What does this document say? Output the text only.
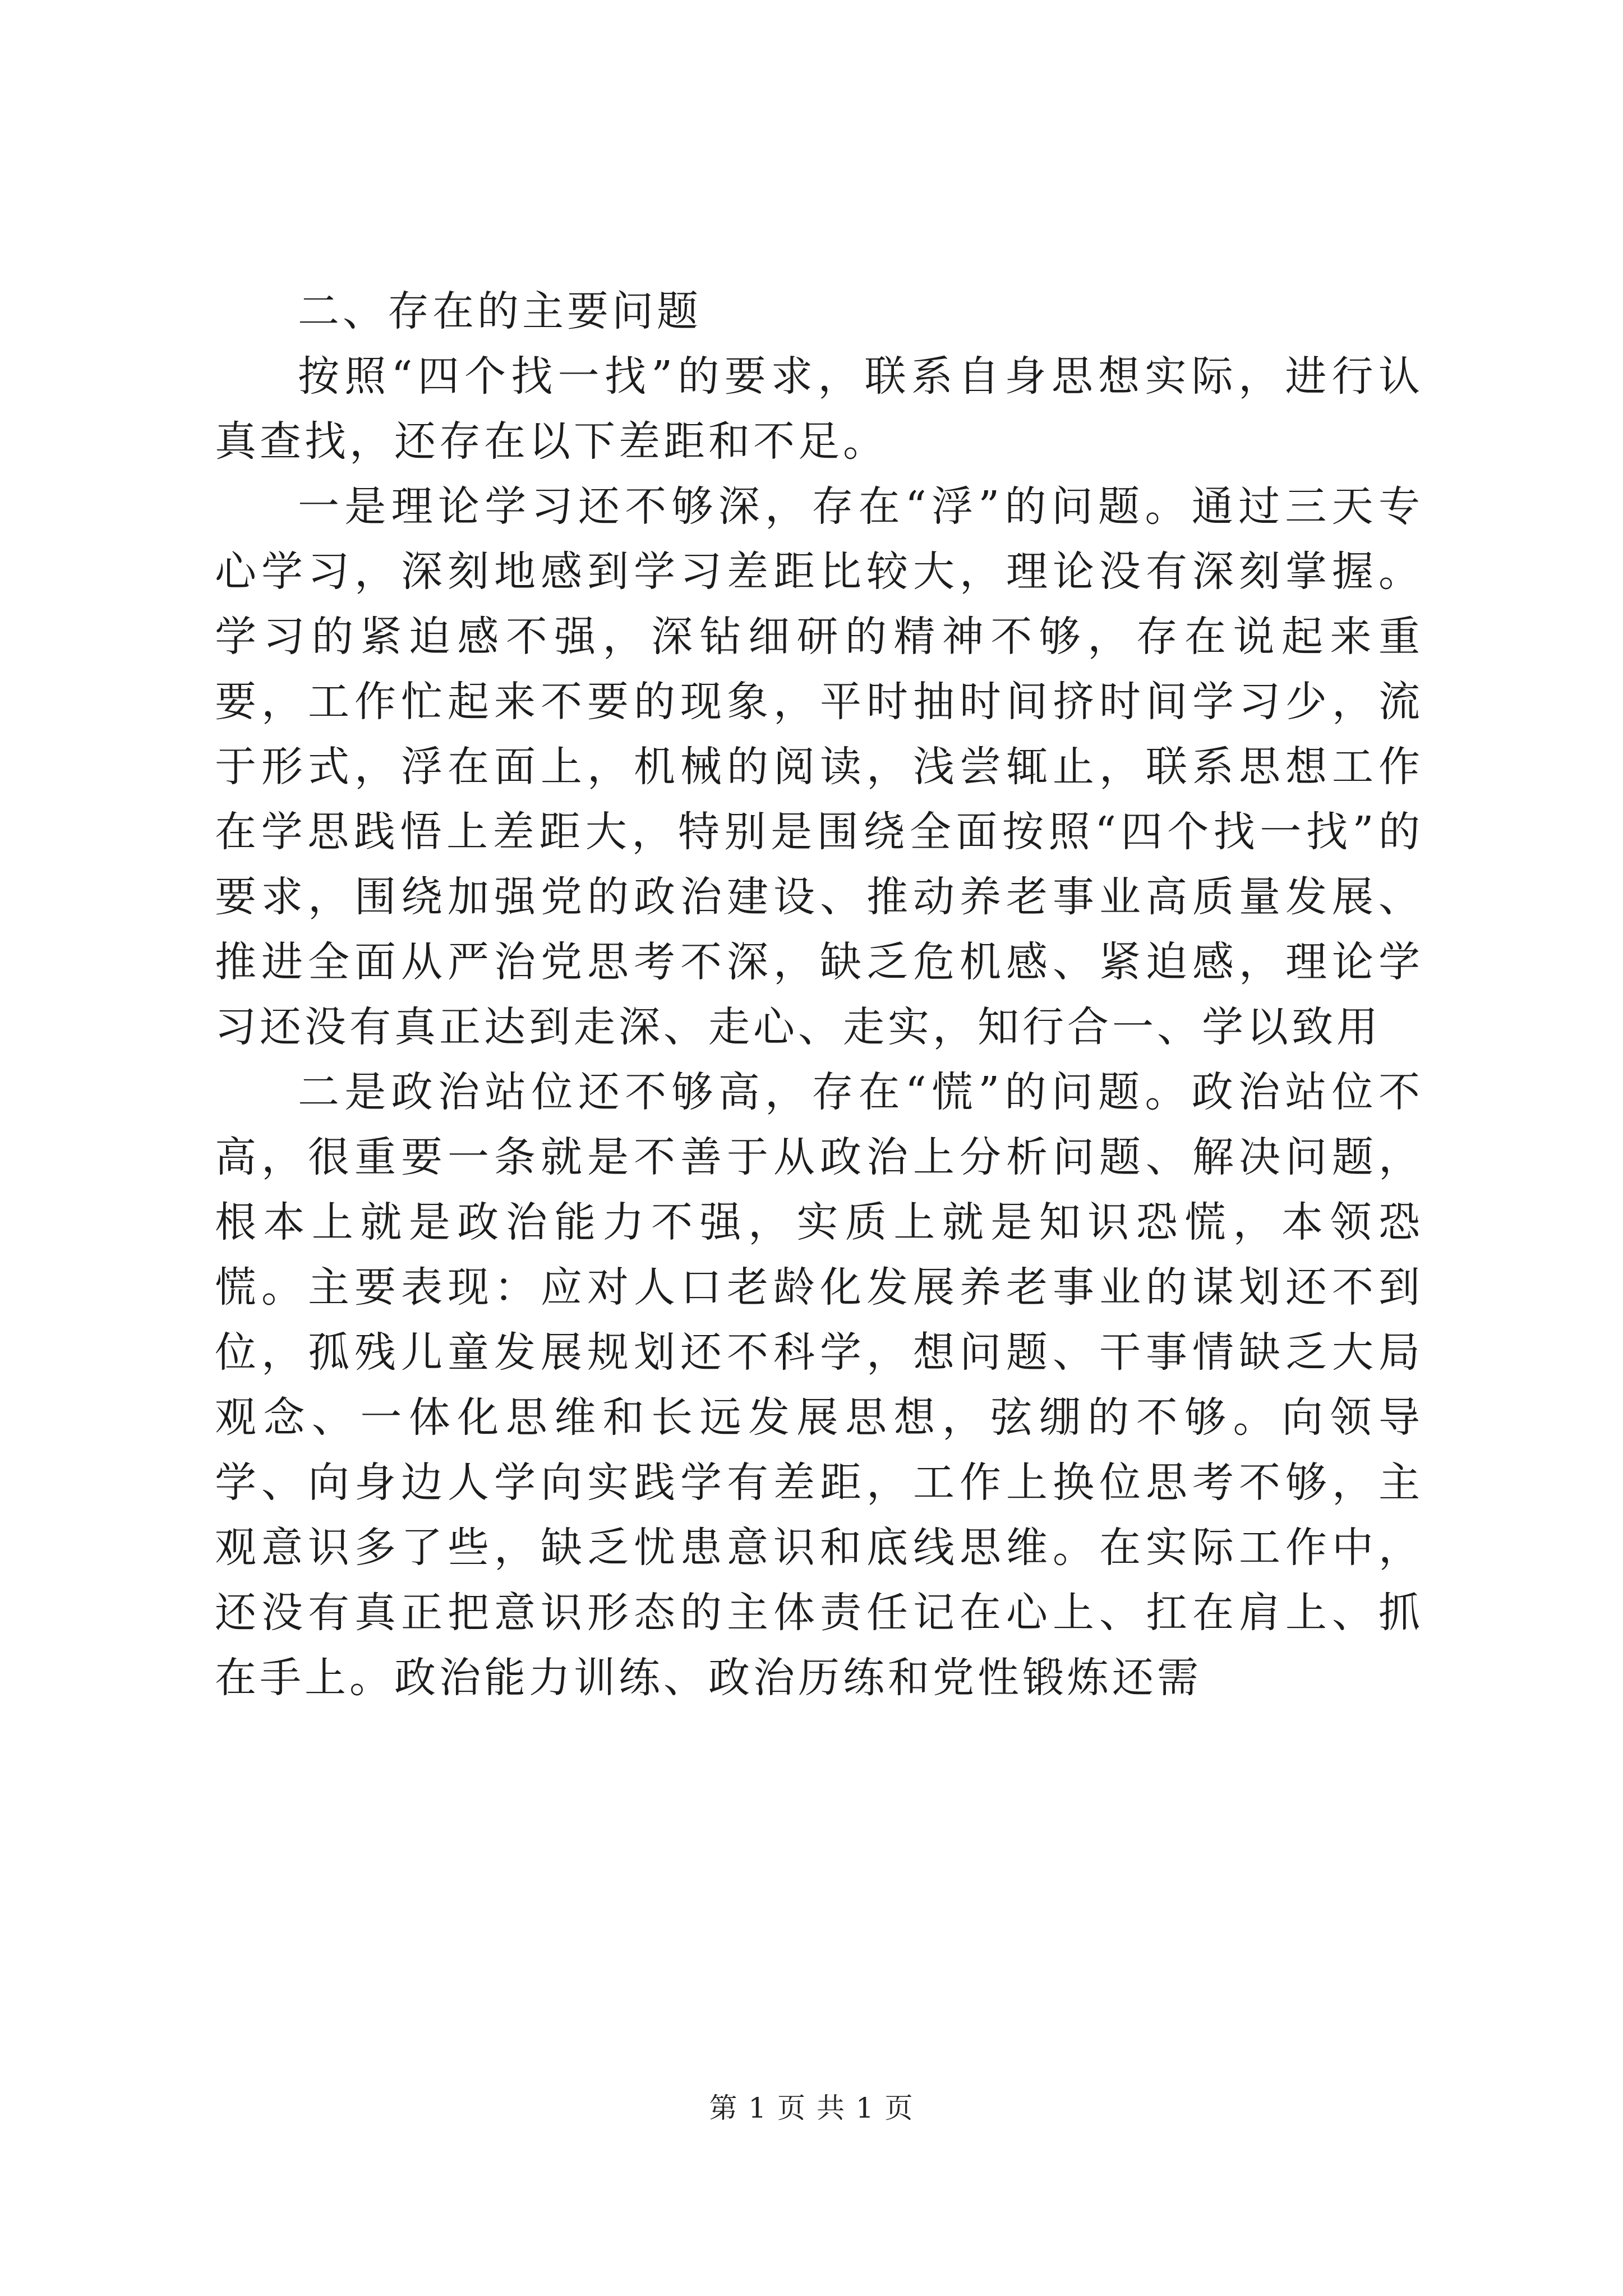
二、存在的主要问题

按照“四个找一找”的要求，联系自身思想实际，进行认真查找，还存在以下差距和不足。

一是理论学习还不够深，存在“浮”的问题。通过三天专心学习，深刻地感到学习差距比较大，理论没有深刻掌握。学习的紧迫感不强，深钻细研的精神不够，存在说起来重要，工作忙起来不要的现象，平时抽时间挤时间学习少，流于形式，浮在面上，机械的阅读，浅尝辄止，联系思想工作在学思践悟上差距大，特别是围绕全面按照“四个找一找”的要求，围绕加强党的政治建设、推动养老事业高质量发展、推进全面从严治党思考不深，缺乏危机感、紧迫感，理论学习还没有真正达到走深、走心、走实，知行合一、学以致用

二是政治站位还不够高，存在“慌”的问题。政治站位不高，很重要一条就是不善于从政治上分析问题、解决问题，根本上就是政治能力不强，实质上就是知识恐慌，本领恐慌。主要表现：应对人口老龄化发展养老事业的谋划还不到位，孤残儿童发展规划还不科学，想问题、干事情缺乏大局观念、一体化思维和长远发展思想，弦绷的不够。向领导学、向身边人学向实践学有差距，工作上换位思考不够，主观意识多了些，缺乏忧患意识和底线思维。在实际工作中，还没有真正把意识形态的主体责任记在心上、扛在肩上、抓在手上。政治能力训练、政治历练和党性锻炼还需

第 1 页 共 1 页
